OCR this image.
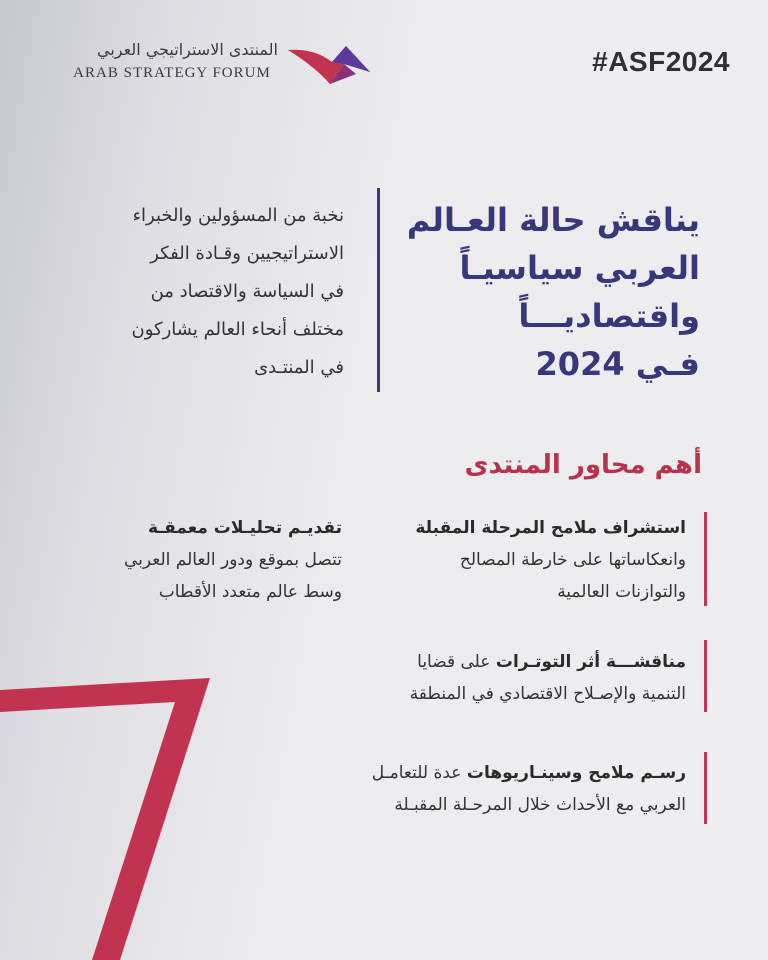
#ASF2024
المنتدى الاستراتيجي العربي
ARAB STRATEGY FORUM
يناقش حالة العـالم
العربي سياسيـاً
واقتصاديـــاً
فـي 2024
نخبة من المسؤولين والخبراء
الاستراتيجيين وقـادة الفكر
في السياسة والاقتصاد من
مختلف أنحاء العالم يشاركون
في المنتـدى
أهم محاور المنتدى
استشراف ملامح المرحلة المقبلة
وانعكاساتها على خارطة المصالح
والتوازنات العالمية
تقديـم تحليـلات معمقـة
تتصل بموقع ودور العالم العربي
وسط عالم متعدد الأقطاب
مناقشـــة أثر التوتـرات على قضايا
التنمية والإصـلاح الاقتصادي في المنطقة
رسـم ملامح وسينـاريوهات عدة للتعامـل
العربي مع الأحداث خلال المرحـلة المقبـلة
